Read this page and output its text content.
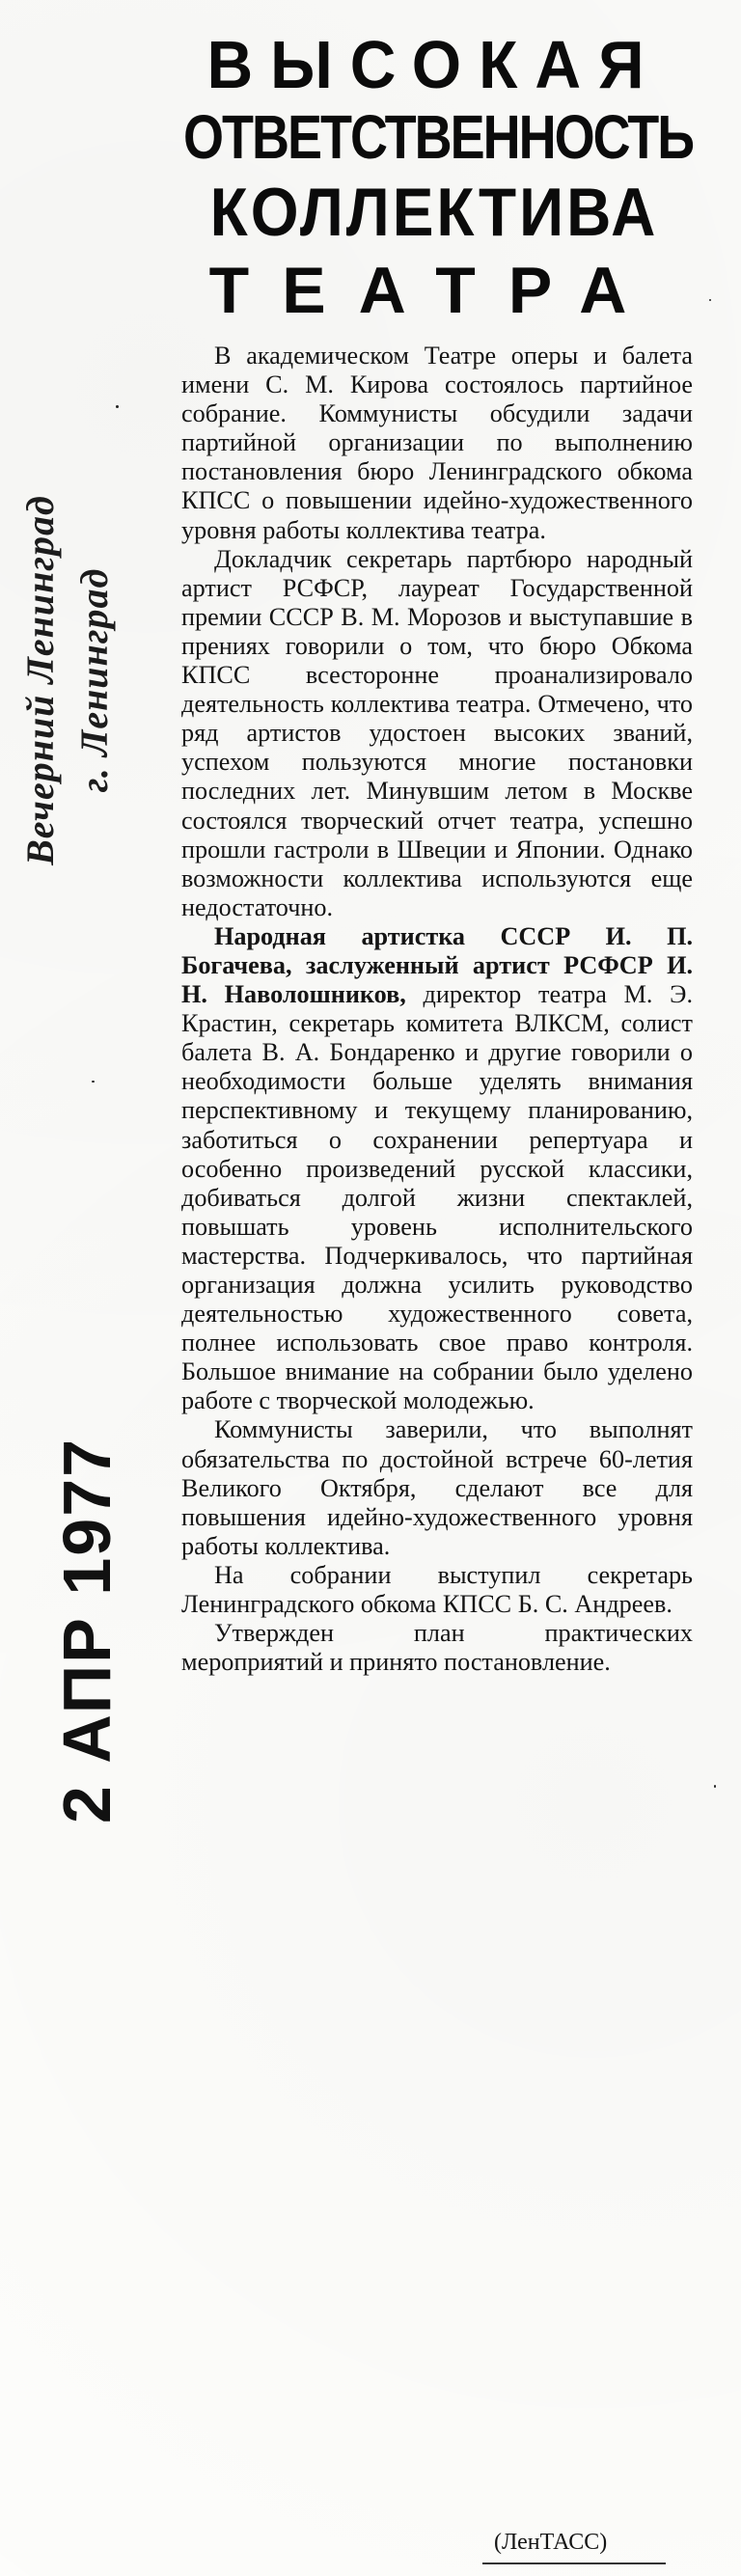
Вечерний Ленинград г. Ленинград
2 АПР 1977
ВЫСОКАЯ
ОТВЕТСТВЕННОСТЬ
КОЛЛЕКТИВА
ТЕАТРА

В академическом Театре оперы и балета имени С. М. Кирова состоялось партийное собрание. Коммунисты обсудили задачи партийной организации по выполнению постановления бюро Ленинградского обкома КПСС о повышении идейно-художественного уровня работы коллектива театра.

Докладчик секретарь партбюро народный артист РСФСР, лауреат Государственной премии СССР В. М. Морозов и выступавшие в прениях говорили о том, что бюро Обкома КПСС всесторонне проанализировало деятельность коллектива театра. Отмечено, что ряд артистов удостоен высоких званий, успехом пользуются многие постановки последних лет. Минувшим летом в Москве состоялся творческий отчет театра, успешно прошли гастроли в Швеции и Японии. Однако возможности коллектива используются еще недостаточно.

Народная артистка СССР И. П. Богачева, заслуженный артист РСФСР И. Н. Наволошников, директор театра М. Э. Крастин, секретарь комитета ВЛКСМ, солист балета В. А. Бондаренко и другие говорили о необходимости больше уделять внимания перспективному и текущему планированию, заботиться о сохранении репертуара и особенно произведений русской классики, добиваться долгой жизни спектаклей, повышать уровень исполнительского мастерства. Подчеркивалось, что партийная организация должна усилить руководство деятельностью художественного совета, полнее использовать свое право контроля. Большое внимание на собрании было уделено работе с творческой молодежью.

Коммунисты заверили, что выполнят обязательства по достойной встрече 60-летия Великого Октября, сделают все для повышения идейно-художественного уровня работы коллектива.

На собрании выступил секретарь Ленинградского обкома КПСС Б. С. Андреев.

Утвержден план практических мероприятий и принято постановление.

(ЛенТАСС)
